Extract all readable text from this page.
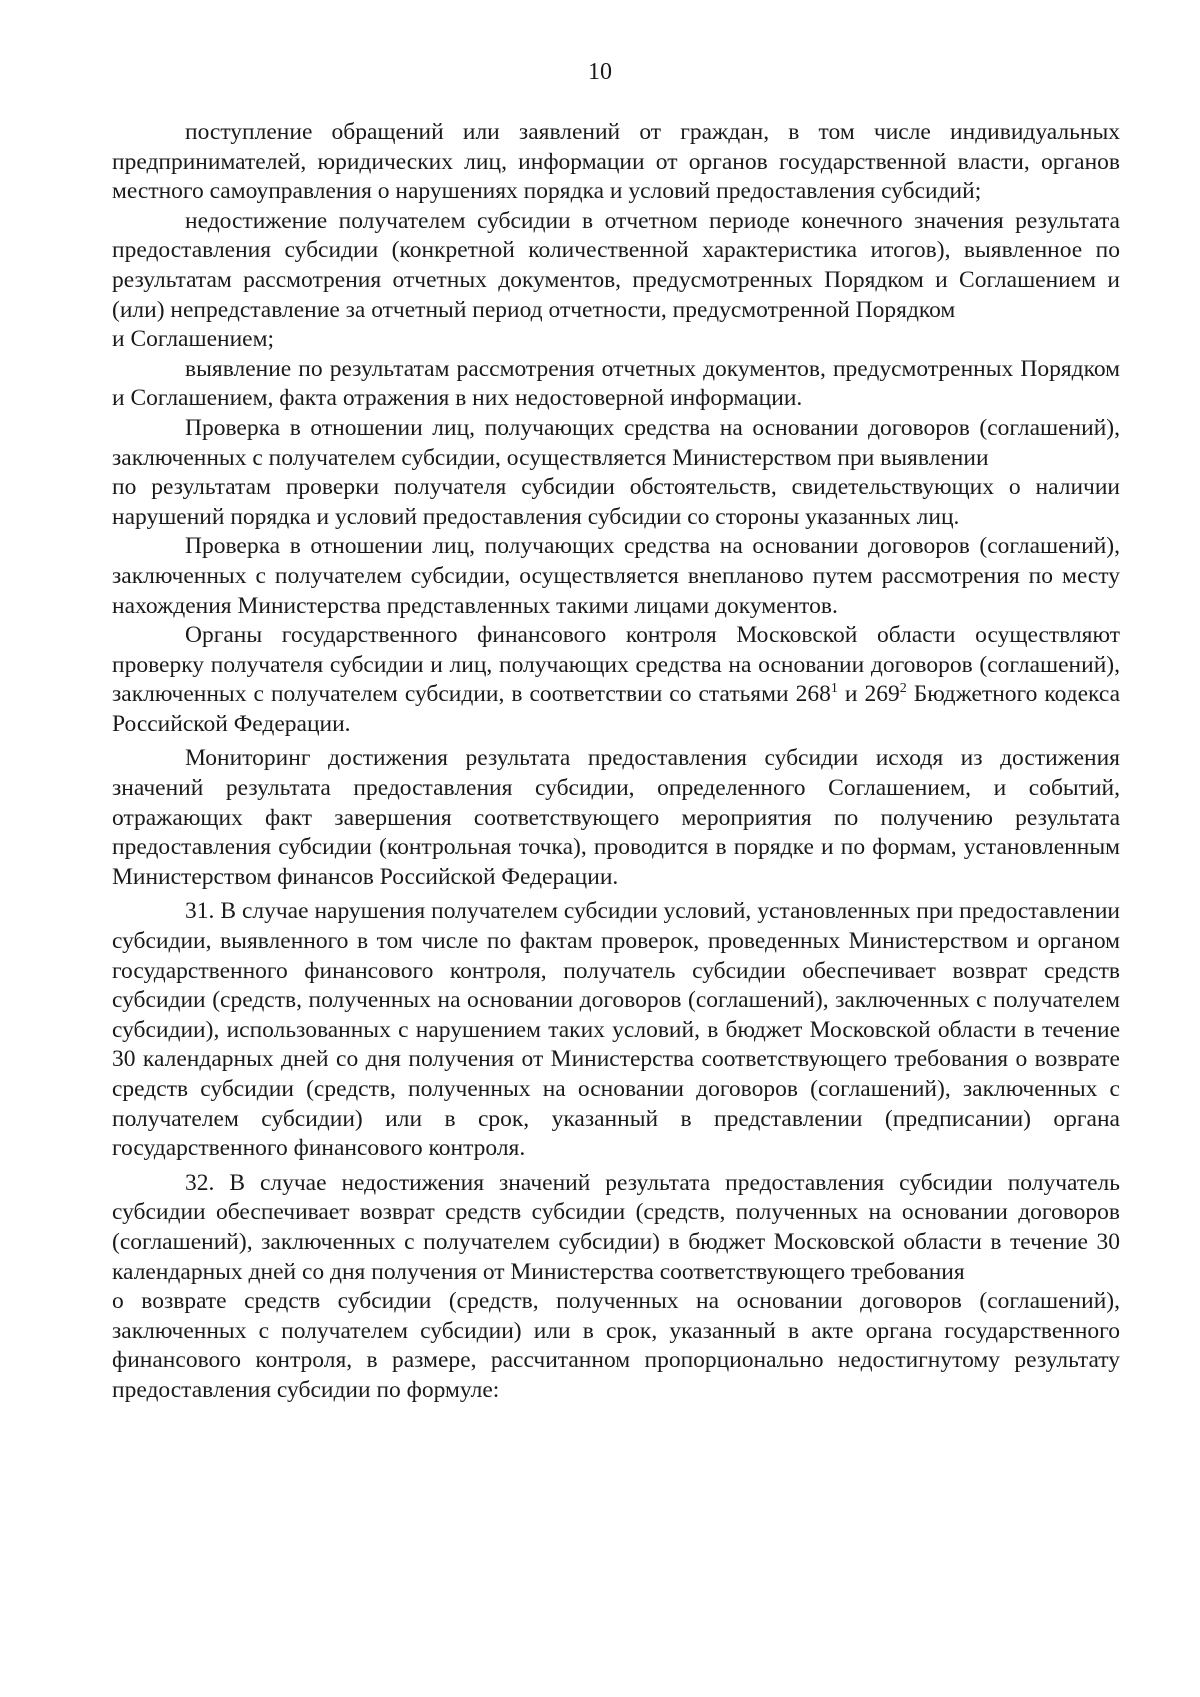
10

поступление обращений или заявлений от граждан, в том числе индивидуальных предпринимателей, юридических лиц, информации от органов государственной власти, органов местного самоуправления о нарушениях порядка и условий предоставления субсидий;

недостижение получателем субсидии в отчетном периоде конечного значения результата предоставления субсидии (конкретной количественной характеристика итогов), выявленное по результатам рассмотрения отчетных документов, предусмотренных Порядком и Соглашением и (или) непредставление за отчетный период отчетности, предусмотренной Порядком

и Соглашением;

выявление по результатам рассмотрения отчетных документов, предусмотренных Порядком и Соглашением, факта отражения в них недостоверной информации.

Проверка в отношении лиц, получающих средства на основании договоров (соглашений), заключенных с получателем субсидии, осуществляется Министерством при выявлении

по результатам проверки получателя субсидии обстоятельств, свидетельствующих о наличии нарушений порядка и условий предоставления субсидии со стороны указанных лиц.

Проверка в отношении лиц, получающих средства на основании договоров (соглашений), заключенных с получателем субсидии, осуществляется внепланово путем рассмотрения по месту нахождения Министерства представленных такими лицами документов.

Органы государственного финансового контроля Московской области осуществляют проверку получателя субсидии и лиц, получающих средства на основании договоров (соглашений), заключенных с получателем субсидии, в соответствии со статьями $268^1$ и $269^2$ Бюджетного кодекса Российской Федерации.

Мониторинг достижения результата предоставления субсидии исходя из достижения значений результата предоставления субсидии, определенного Соглашением, и событий, отражающих факт завершения соответствующего мероприятия по получению результата предоставления субсидии (контрольная точка), проводится в порядке и по формам, установленным Министерством финансов Российской Федерации.

31. В случае нарушения получателем субсидии условий, установленных при предоставлении субсидии, выявленного в том числе по фактам проверок, проведенных Министерством и органом государственного финансового контроля, получатель субсидии обеспечивает возврат средств субсидии (средств, полученных на основании договоров (соглашений), заключенных с получателем субсидии), использованных с нарушением таких условий, в бюджет Московской области в течение 30 календарных дней со дня получения от Министерства соответствующего требования о возврате средств субсидии (средств, полученных на основании договоров (соглашений), заключенных с получателем субсидии) или в срок, указанный в представлении (предписании) органа государственного финансового контроля.

32. В случае недостижения значений результата предоставления субсидии получатель субсидии обеспечивает возврат средств субсидии (средств, полученных на основании договоров (соглашений), заключенных с получателем субсидии) в бюджет Московской области в течение 30 календарных дней со дня получения от Министерства соответствующего требования

о возврате средств субсидии (средств, полученных на основании договоров (соглашений), заключенных с получателем субсидии) или в срок, указанный в акте органа государственного финансового контроля, в размере, рассчитанном пропорционально недостигнутому результату предоставления субсидии по формуле:
